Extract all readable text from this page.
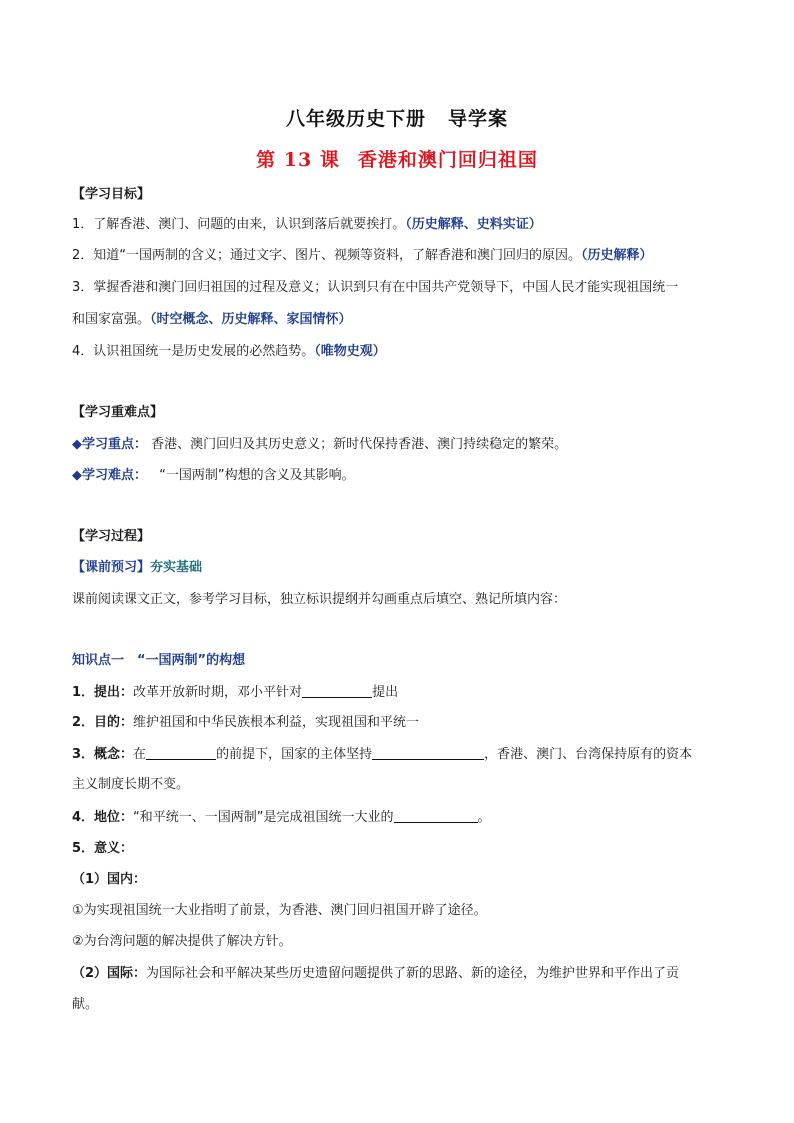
八年级历史下册 导学案
第 13 课 香港和澳门回归祖国
【学习目标】
1．了解香港、澳门、问题的由来，认识到落后就要挨打。（历史解释、史料实证）
2．知道“一国两制的含义；通过文字、图片、视频等资料，了解香港和澳门回归的原因。（历史解释）
3．掌握香港和澳门回归祖国的过程及意义；认识到只有在中国共产党领导下，中国人民才能实现祖国统一
和国家富强。（时空概念、历史解释、家国情怀）
4．认识祖国统一是历史发展的必然趋势。（唯物史观）
【学习重难点】
◆学习重点： 香港、澳门回归及其历史意义；新时代保持香港、澳门持续稳定的繁荣。
◆学习难点： “一国两制”构想的含义及其影响。
【学习过程】
【课前预习】夯实基础
课前阅读课文正文，参考学习目标，独立标识提纲并勾画重点后填空、熟记所填内容：
知识点一　“一国两制”的构想
1．提出：改革开放新时期，邓小平针对	提出
2．目的：维护祖国和中华民族根本利益，实现祖国和平统一
3．概念：在	的前提下，国家的主体坚持	，香港、澳门、台湾保持原有的资本
主义制度长期不变。
4．地位：“和平统一、一国两制”是完成祖国统一大业的	。
5．意义：
（1）国内：
①为实现祖国统一大业指明了前景，为香港、澳门回归祖国开辟了途径。
②为台湾问题的解决提供了解决方针。
（2）国际：为国际社会和平解决某些历史遗留问题提供了新的思路、新的途径，为维护世界和平作出了贡
献。
